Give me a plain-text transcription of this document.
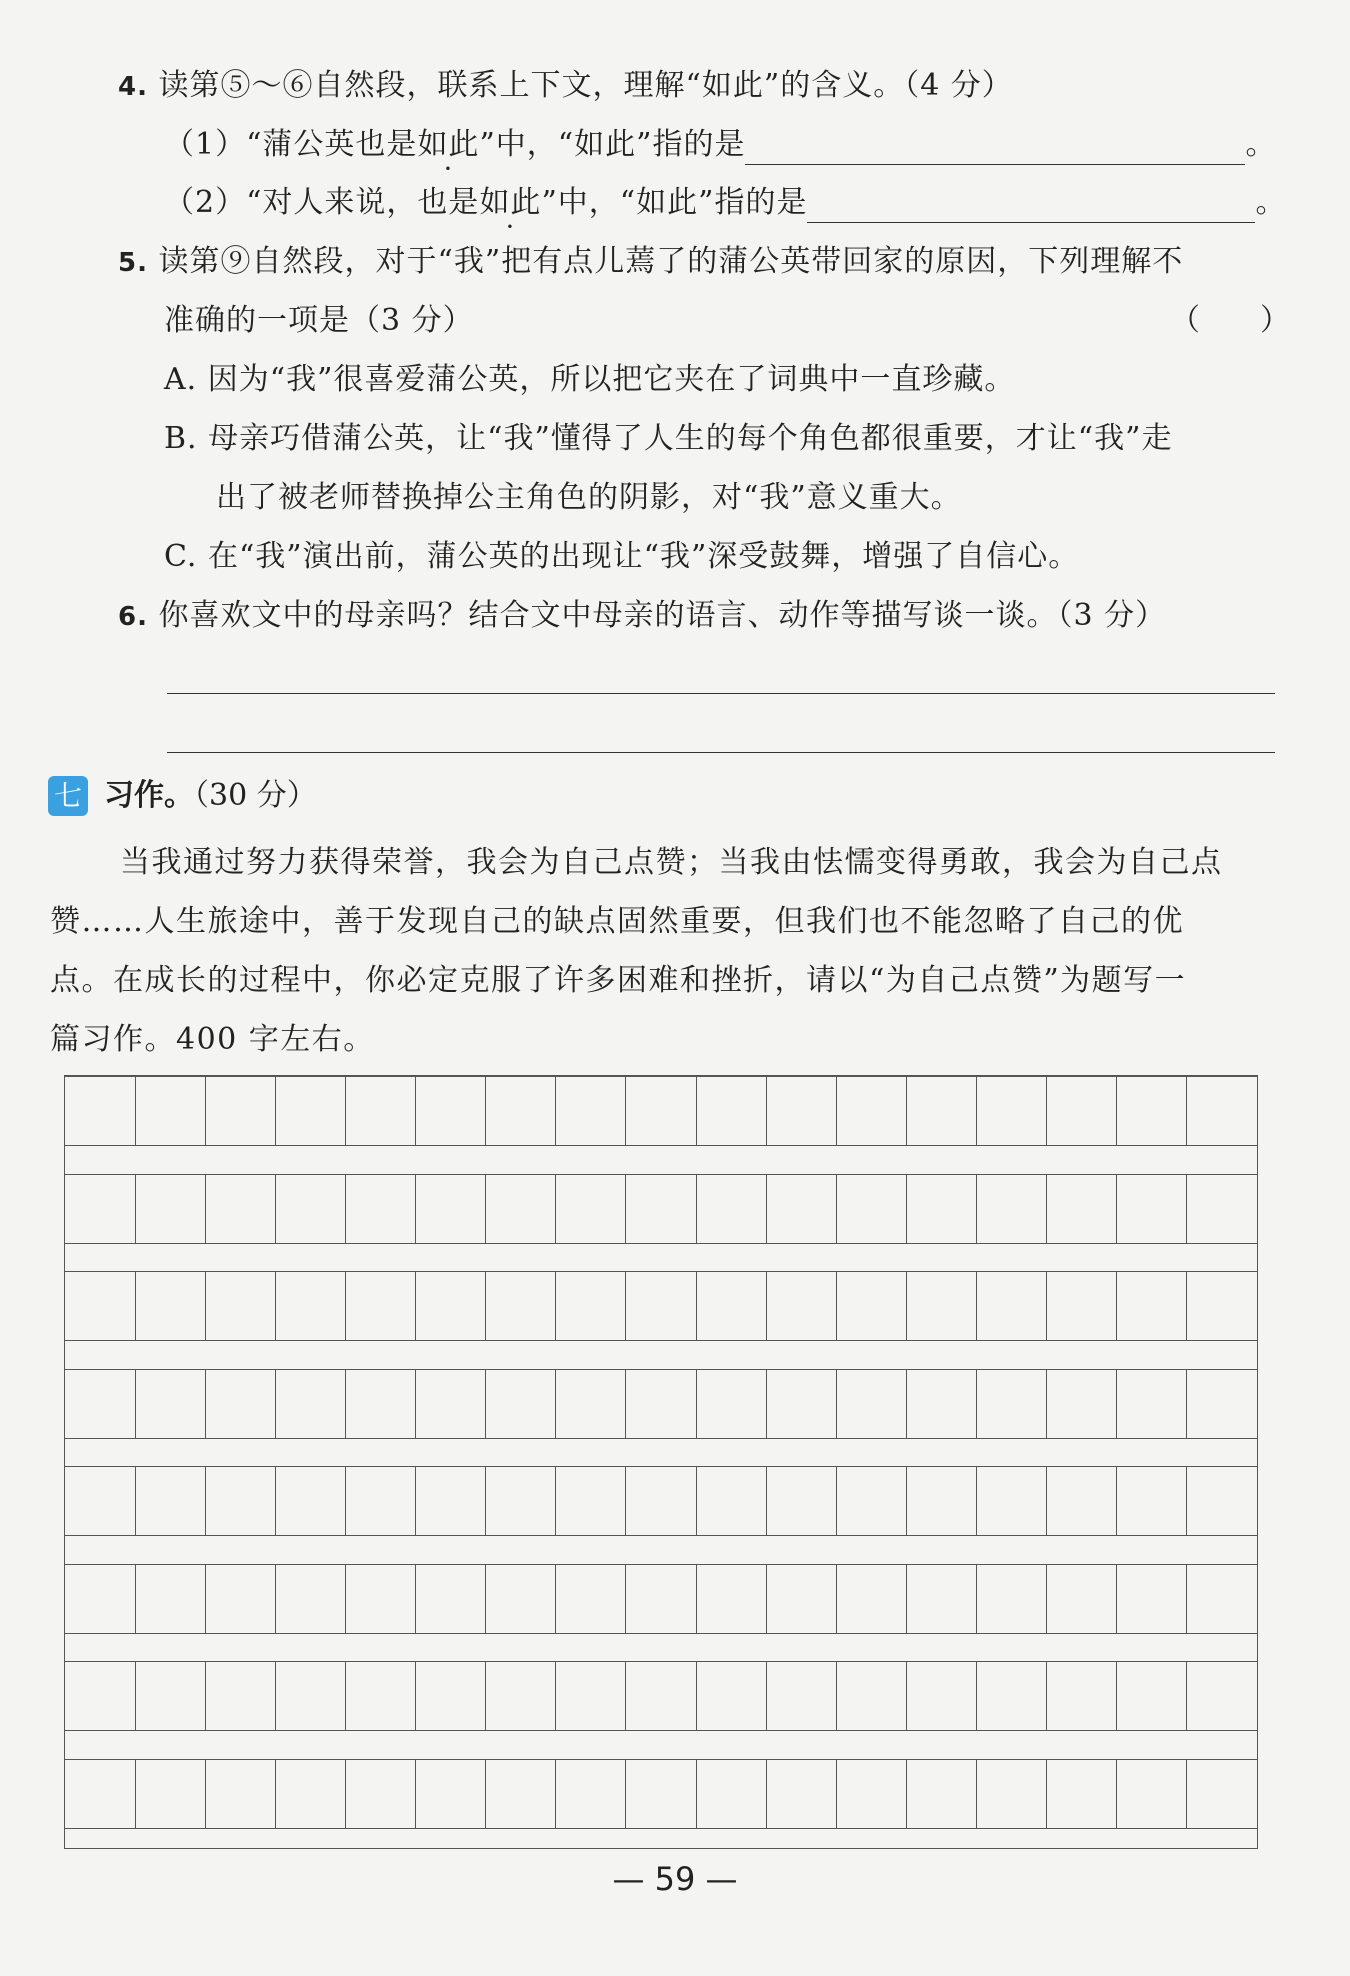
4. 读第⑤～⑥自然段，联系上下文，理解“如此”的含义。（4 分）
（1）“蒲公英也是如此”中，“如此”指的是	。
（2）“对人来说，也是如此”中，“如此”指的是	。
5. 读第⑨自然段，对于“我”把有点儿蔫了的蒲公英带回家的原因，下列理解不
准确的一项是（3 分）	（　　）
A. 因为“我”很喜爱蒲公英，所以把它夹在了词典中一直珍藏。
B. 母亲巧借蒲公英，让“我”懂得了人生的每个角色都很重要，才让“我”走
出了被老师替换掉公主角色的阴影，对“我”意义重大。
C. 在“我”演出前，蒲公英的出现让“我”深受鼓舞，增强了自信心。
6. 你喜欢文中的母亲吗？结合文中母亲的语言、动作等描写谈一谈。（3 分）
七 习作。（30 分）
当我通过努力获得荣誉，我会为自己点赞；当我由怯懦变得勇敢，我会为自己点
赞……人生旅途中，善于发现自己的缺点固然重要，但我们也不能忽略了自己的优
点。在成长的过程中，你必定克服了许多困难和挫折，请以“为自己点赞”为题写一
篇习作。400 字左右。
— 59 —
